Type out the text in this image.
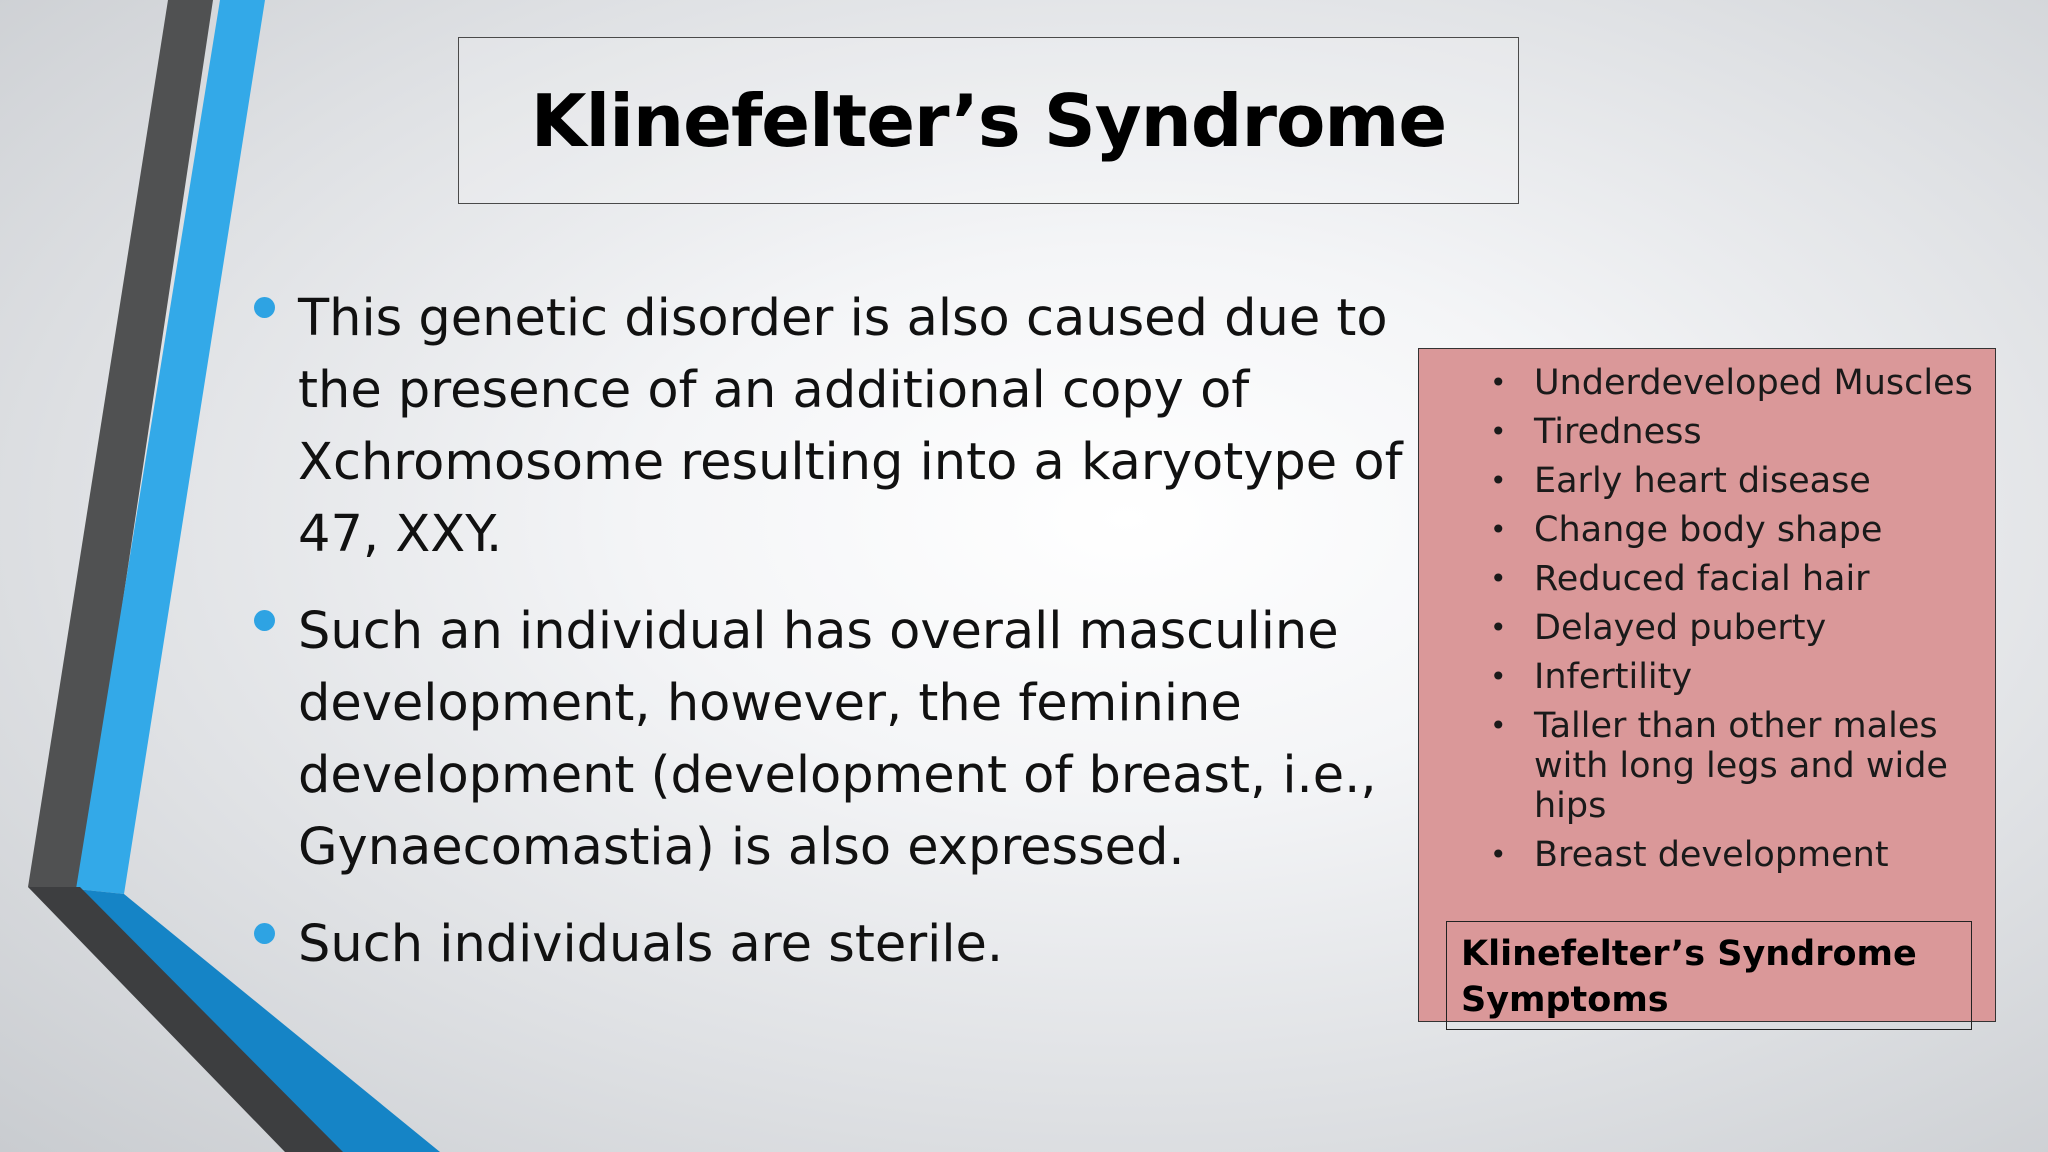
Klinefelter’s Syndrome
This genetic disorder is also caused due to the presence of an additional copy of Xchromosome resulting into a karyotype of 47, XXY.
Such an individual has overall masculine development, however, the feminine development (development of breast, i.e., Gynaecomastia) is also expressed.
Such individuals are sterile.
• Underdeveloped Muscles
• Tiredness
• Early heart disease
• Change body shape
• Reduced facial hair
• Delayed puberty
• Infertility
• Taller than other males with long legs and wide hips
• Breast development
Klinefelter’s Syndrome Symptoms
